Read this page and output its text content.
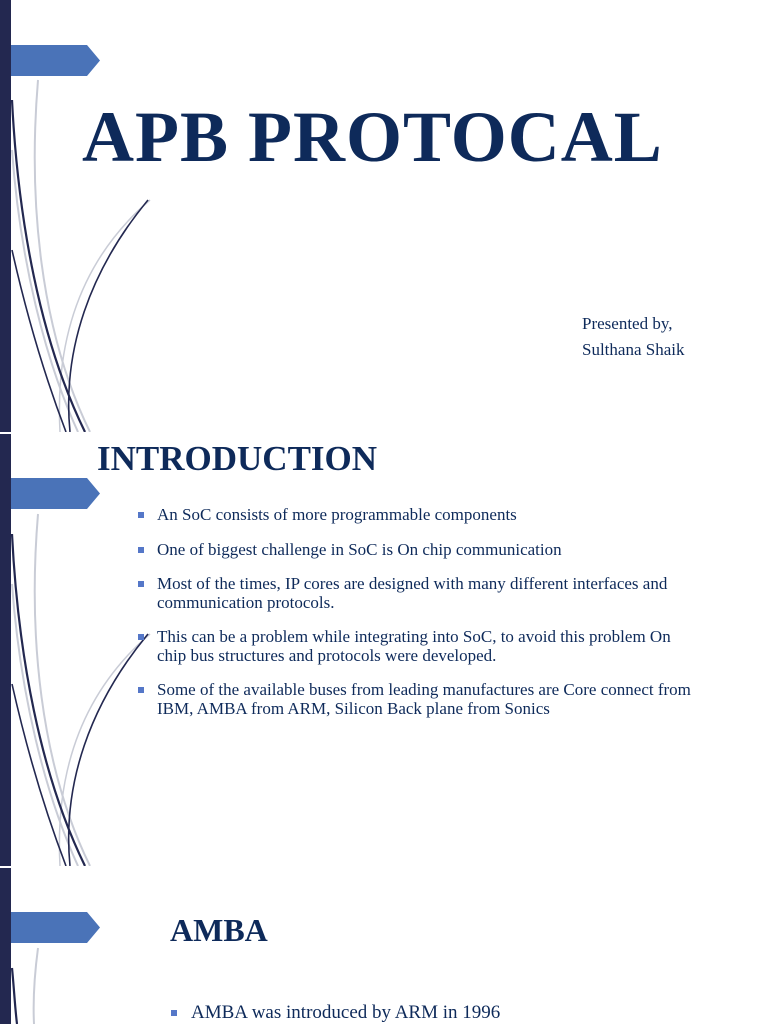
APB PROTOCAL
Presented by,
Sulthana Shaik
INTRODUCTION
An SoC consists of more programmable components
One of biggest challenge in SoC is On chip communication
Most of the times, IP cores are designed with many different interfaces and communication protocols.
This can be a problem while integrating into SoC, to avoid this problem On chip bus structures and protocols were developed.
Some of the available buses from leading manufactures are Core connect from IBM, AMBA from ARM, Silicon Back plane from Sonics
AMBA
AMBA was introduced by ARM in 1996
